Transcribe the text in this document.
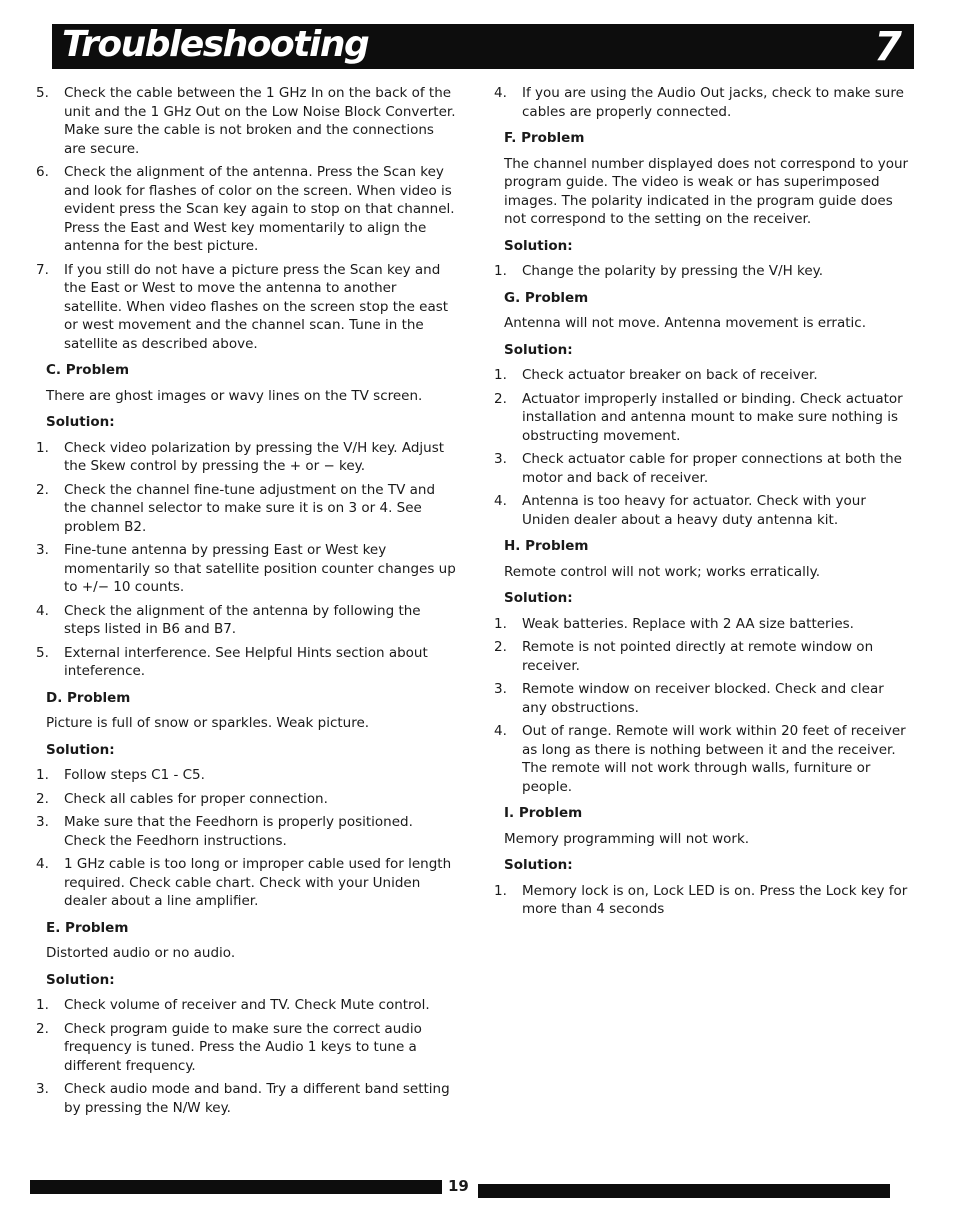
Troubleshooting	7
5.	Check the cable between the 1 GHz In on the back of the unit and the 1 GHz Out on the Low Noise Block Converter. Make sure the cable is not broken and the connections are secure.
6.	Check the alignment of the antenna. Press the Scan key and look for flashes of color on the screen. When video is evident press the Scan key again to stop on that channel. Press the East and West key momentarily to align the antenna for the best picture.
7.	If you still do not have a picture press the Scan key and the East or West to move the antenna to another satellite. When video flashes on the screen stop the east or west movement and the channel scan. Tune in the satellite as described above.
C. Problem
There are ghost images or wavy lines on the TV screen.
Solution:
1.	Check video polarization by pressing the V/H key. Adjust the Skew control by pressing the + or − key.
2.	Check the channel fine-tune adjustment on the TV and the channel selector to make sure it is on 3 or 4. See problem B2.
3.	Fine-tune antenna by pressing East or West key momentarily so that satellite position counter changes up to +/− 10 counts.
4.	Check the alignment of the antenna by following the steps listed in B6 and B7.
5.	External interference. See Helpful Hints section about inteference.
D. Problem
Picture is full of snow or sparkles. Weak picture.
Solution:
1.	Follow steps C1 - C5.
2.	Check all cables for proper connection.
3.	Make sure that the Feedhorn is properly positioned. Check the Feedhorn instructions.
4.	1 GHz cable is too long or improper cable used for length required. Check cable chart. Check with your Uniden dealer about a line amplifier.
E. Problem
Distorted audio or no audio.
Solution:
1.	Check volume of receiver and TV. Check Mute control.
2.	Check program guide to make sure the correct audio frequency is tuned. Press the Audio 1 keys to tune a different frequency.
3.	Check audio mode and band. Try a different band setting by pressing the N/W key.
4.	If you are using the Audio Out jacks, check to make sure cables are properly connected.
F. Problem
The channel number displayed does not correspond to your program guide. The video is weak or has superimposed images. The polarity indicated in the program guide does not correspond to the setting on the receiver.
Solution:
1.	Change the polarity by pressing the V/H key.
G. Problem
Antenna will not move. Antenna movement is erratic.
Solution:
1.	Check actuator breaker on back of receiver.
2.	Actuator improperly installed or binding. Check actuator installation and antenna mount to make sure nothing is obstructing movement.
3.	Check actuator cable for proper connections at both the motor and back of receiver.
4.	Antenna is too heavy for actuator. Check with your Uniden dealer about a heavy duty antenna kit.
H. Problem
Remote control will not work; works erratically.
Solution:
1.	Weak batteries. Replace with 2 AA size batteries.
2.	Remote is not pointed directly at remote window on receiver.
3.	Remote window on receiver blocked. Check and clear any obstructions.
4.	Out of range. Remote will work within 20 feet of receiver as long as there is nothing between it and the receiver. The remote will not work through walls, furniture or people.
I. Problem
Memory programming will not work.
Solution:
1.	Memory lock is on, Lock LED is on. Press the Lock key for more than 4 seconds
19
